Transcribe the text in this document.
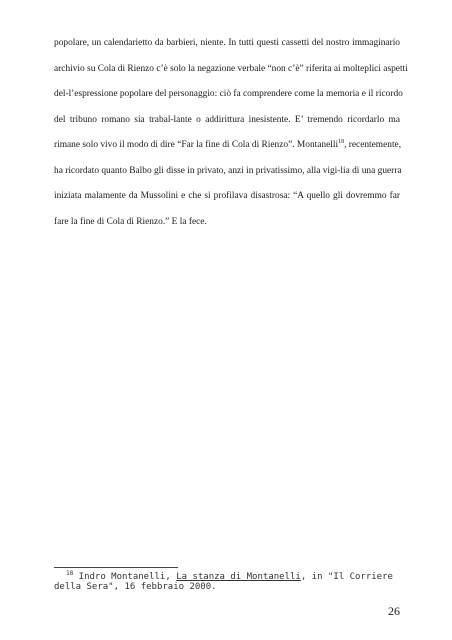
popolare, un calendarietto da barbieri, niente. In tutti questi cassetti del nostro immaginario
archivio su Cola di Rienzo c’è solo la negazione verbale “non c’è” riferita ai molteplici aspetti
del-l’espressione popolare del personaggio: ciò fa comprendere come la memoria e il ricordo
del tribuno romano sia trabal-lante o addirittura inesistente. E’ tremendo ricordarlo ma
rimane solo vivo il modo di dire “Far la fine di Cola di Rienzo”. Montanelli$^{18}$, recentemente,
ha ricordato quanto Balbo gli disse in privato, anzi in privatissimo, alla vigi-lia di una guerra
iniziata malamente da Mussolini e che si profilava disastrosa: “A quello gli dovremmo far
fare la fine di Cola di Rienzo.” E la fece.
$^{18}$ Indro Montanelli, La stanza di Montanelli, in "Il Corriere
della Sera", 16 febbraio 2000.
26
